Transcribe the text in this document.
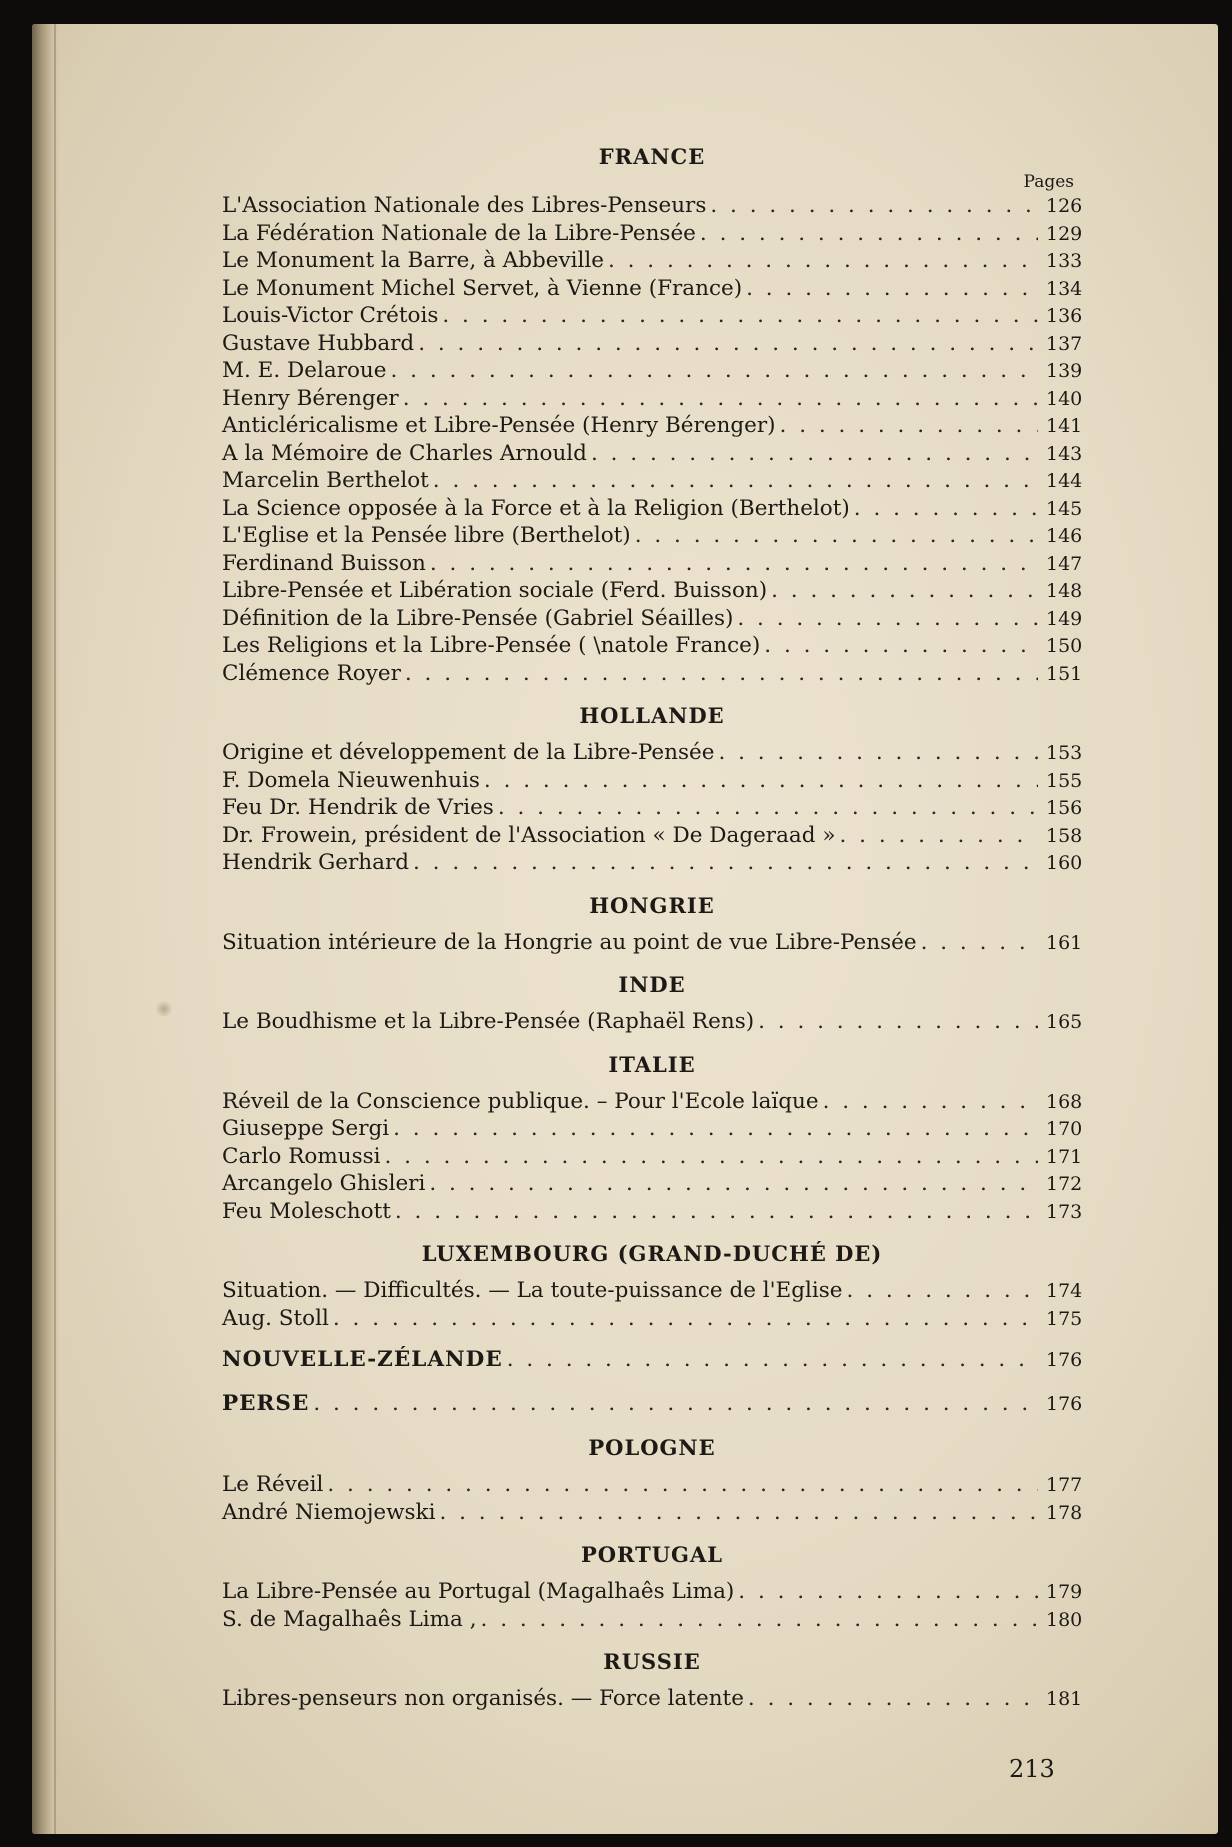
FRANCE
Pages
L'Association Nationale des Libres-Penseurs . . .	126
La Fédération Nationale de la Libre-Pensée . . .	129
Le Monument la Barre, à Abbeville . . .	133
Le Monument Michel Servet, à Vienne (France) . . .	134
Louis-Victor Crétois . . .	136
Gustave Hubbard . . .	137
M. E. Delaroue . . .	139
Henry Bérenger . . .	140
Anticléricalisme et Libre-Pensée (Henry Bérenger) . . .	141
A la Mémoire de Charles Arnould . . .	143
Marcelin Berthelot . . .	144
La Science opposée à la Force et à la Religion (Berthelot) . . .	145
L'Eglise et la Pensée libre (Berthelot) . . .	146
Ferdinand Buisson . . .	147
Libre-Pensée et Libération sociale (Ferd. Buisson) . . .	148
Définition de la Libre-Pensée (Gabriel Séailles) . . .	149
Les Religions et la Libre-Pensée ( \natole France) . . .	150
Clémence Royer . . .	151
HOLLANDE
Origine et développement de la Libre-Pensée . . .	153
F. Domela Nieuwenhuis . . .	155
Feu Dr. Hendrik de Vries . . .	156
Dr. Frowein, président de l'Association « De Dageraad » . . .	158
Hendrik Gerhard . . .	160
HONGRIE
Situation intérieure de la Hongrie au point de vue Libre-Pensée . . .	161
INDE
Le Boudhisme et la Libre-Pensée (Raphaël Rens) . . .	165
ITALIE
Réveil de la Conscience publique. – Pour l'Ecole laïque . . .	168
Giuseppe Sergi . . .	170
Carlo Romussi . . .	171
Arcangelo Ghisleri . . .	172
Feu Moleschott . . .	173
LUXEMBOURG (GRAND-DUCHÉ DE)
Situation. — Difficultés. — La toute-puissance de l'Eglise . . .	174
Aug. Stoll . . .	175
NOUVELLE-ZÉLANDE . . .	176
PERSE . . .	176
POLOGNE
Le Réveil . . .	177
André Niemojewski . . .	178
PORTUGAL
La Libre-Pensée au Portugal (Magalhaês Lima) . . .	179
S. de Magalhaês Lima , . . .	180
RUSSIE
Libres-penseurs non organisés. — Force latente . . .	181
213
